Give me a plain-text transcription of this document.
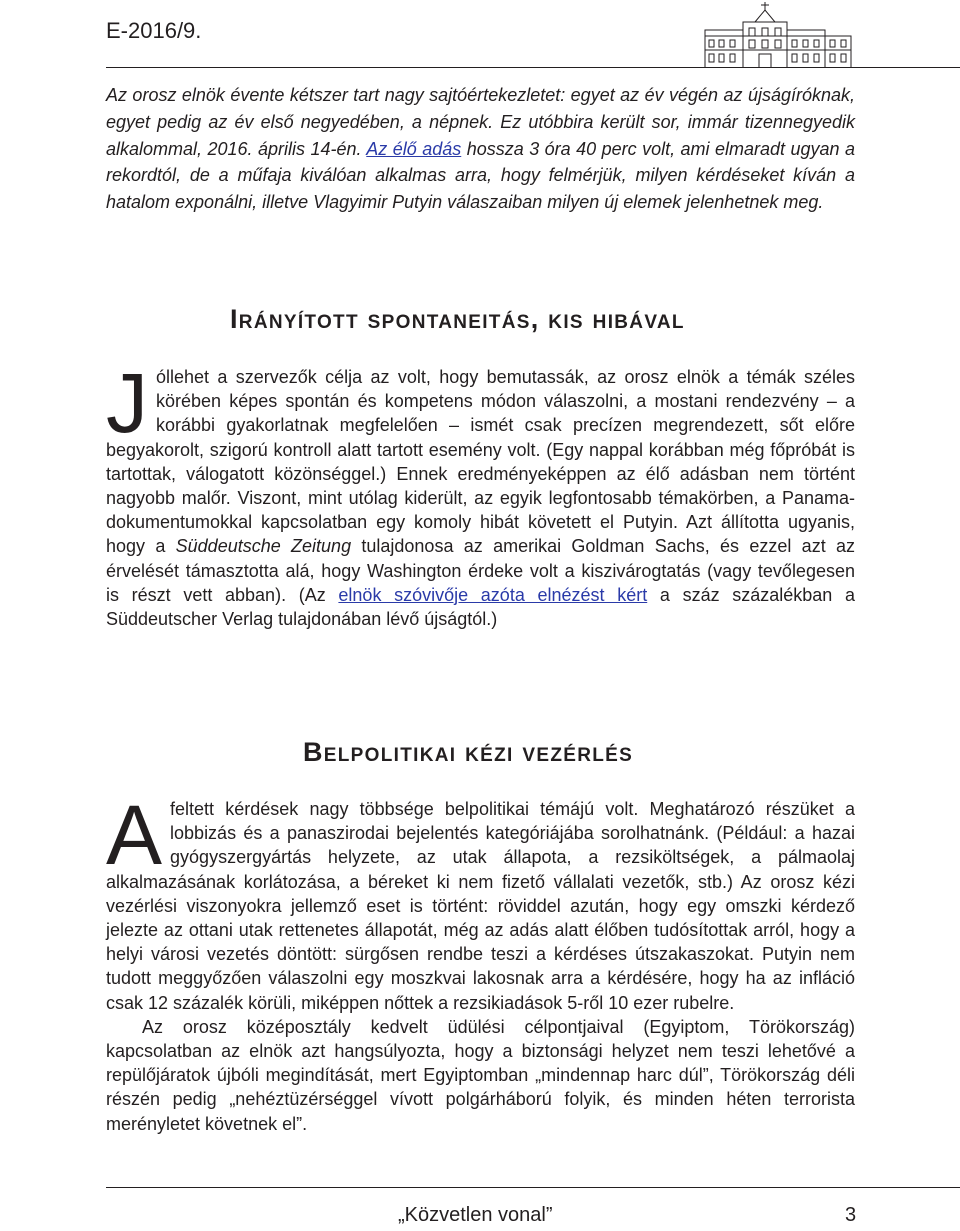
E-2016/9.
Az orosz elnök évente kétszer tart nagy sajtóértekezletet: egyet az év végén az újságíróknak, egyet pedig az év első negyedében, a népnek. Ez utóbbira került sor, immár tizennegyedik alkalommal, 2016. április 14-én. Az élő adás hossza 3 óra 40 perc volt, ami elmaradt ugyan a rekordtól, de a műfaja kiválóan alkalmas arra, hogy felmérjük, milyen kérdéseket kíván a hatalom exponálni, illetve Vlagyimir Putyin válaszaiban milyen új elemek jelenhetnek meg.
Irányított spontaneitás, kis hibával

Jóllehet a szervezők célja az volt, hogy bemutassák, az orosz elnök a témák széles körében képes spontán és kompetens módon válaszolni, a mostani rendezvény – a korábbi gyakorlatnak megfelelően – ismét csak precízen megrendezett, sőt előre begyakorolt, szigorú kontroll alatt tartott esemény volt. (Egy nappal korábban még főpróbát is tartottak, válogatott közönséggel.) Ennek eredményeképpen az élő adásban nem történt nagyobb malőr. Viszont, mint utólag kiderült, az egyik legfontosabb témakörben, a Panama-dokumentumokkal kapcsolatban egy komoly hibát követett el Putyin. Azt állította ugyanis, hogy a Süddeutsche Zeitung tulajdonosa az amerikai Goldman Sachs, és ezzel azt az érvelését támasztotta alá, hogy Washington érdeke volt a kiszivárogtatás (vagy tevőlegesen is részt vett abban). (Az elnök szóvivője azóta elnézést kért a száz százalékban a Süddeutscher Verlag tulajdonában lévő újságtól.)

Belpolitikai kézi vezérlés

Afeltett kérdések nagy többsége belpolitikai témájú volt. Meghatározó részüket a lobbizás és a panaszirodai bejelentés kategóriájába sorolhatnánk. (Például: a hazai gyógyszergyártás helyzete, az utak állapota, a rezsiköltségek, a pálmaolaj alkalmazásának korlátozása, a béreket ki nem fizető vállalati vezetők, stb.) Az orosz kézi vezérlési viszonyokra jellemző eset is történt: röviddel azután, hogy egy omszki kérdező jelezte az ottani utak rettenetes állapotát, még az adás alatt élőben tudósítottak arról, hogy a helyi városi vezetés döntött: sürgősen rendbe teszi a kérdéses útszakaszokat. Putyin nem tudott meggyőzően válaszolni egy moszkvai lakosnak arra a kérdésére, hogy ha az infláció csak 12 százalék körüli, miképpen nőttek a rezsikiadások 5-ről 10 ezer rubelre.

Az orosz középosztály kedvelt üdülési célpontjaival (Egyiptom, Törökország) kapcsolatban az elnök azt hangsúlyozta, hogy a biztonsági helyzet nem teszi lehetővé a repülőjáratok újbóli megindítását, mert Egyiptomban „mindennap harc dúl”, Törökország déli részén pedig „nehéztüzérséggel vívott polgárháború folyik, és minden héten terrorista merényletet követnek el”.

„Közvetlen vonal”	3
